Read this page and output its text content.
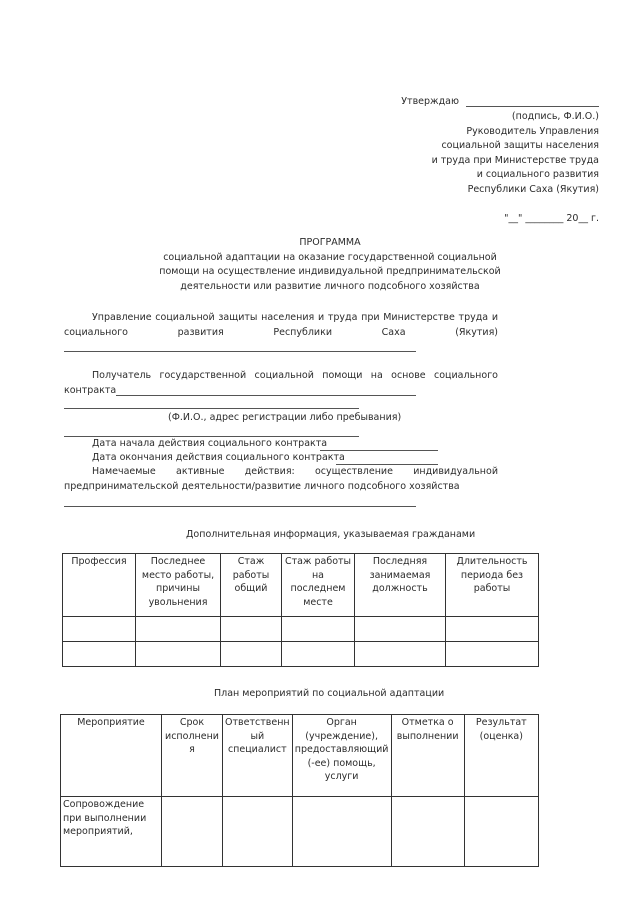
Утверждаю
(подпись, Ф.И.О.)
Руководитель Управления
социальной защиты населения
и труда при Министерстве труда
и социального развития
Республики Саха (Якутия)
"__" ________ 20__ г.
ПРОГРАММА
социальной адаптации на оказание государственной социальной
помощи на осуществление индивидуальной предпринимательской
деятельности или развитие личного подсобного хозяйства
Управление социальной защиты населения и труда при Министерстве труда и
социального развития Республики Саха (Якутия)
Получатель государственной социальной помощи на основе социального
контракта
(Ф.И.О., адрес регистрации либо пребывания)
Дата начала действия социального контракта
Дата окончания действия социального контракта
Намечаемые активные действия: осуществление индивидуальной
предпринимательской деятельности/развитие личного подсобного хозяйства
Дополнительная информация, указываемая гражданами
Профессия	Последнее место работы, причины увольнения	Стаж работы общий	Стаж работы на последнем месте	Последняя занимаемая должность	Длительность периода без работы

План мероприятий по социальной адаптации
Мероприятие	Срок исполнени я	Ответственн ый специалист	Орган (учреждение), предоставляющий (-ее) помощь, услуги	Отметка о выполнении	Результат (оценка)
Сопровождение при выполнении мероприятий,					
